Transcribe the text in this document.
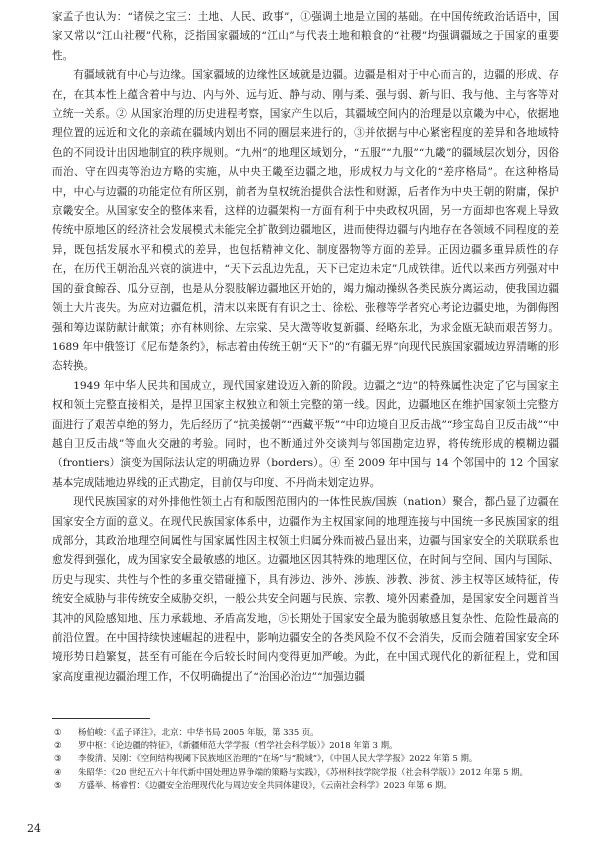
家孟子也认为：“诸侯之宝三：土地、人民、政事”，①强调土地是立国的基础。在中国传统政治话语中，国家又常以“江山社稷”代称，泛指国家疆域的“江山”与代表土地和粮食的“社稷”均强调疆域之于国家的重要性。

有疆域就有中心与边缘。国家疆域的边缘性区域就是边疆。边疆是相对于中心而言的，边疆的形成、存在，在其本性上蕴含着中与边、内与外、远与近、静与动、刚与柔、强与弱、新与旧、我与他、主与客等对立统一关系。② 从国家治理的历史进程考察，国家产生以后，其疆域空间内的治理是以京畿为中心，依据地理位置的远近和文化的亲疏在疆域内划出不同的圈层来进行的，③并依据与中心紧密程度的差异和各地域特色的不同设计出因地制宜的秩序规则。“九州”的地理区域划分，“五服”“九服”“九畿”的疆域层次划分，因俗而治、守在四夷等治边方略的实施，从中央王畿至边疆之地，形成权力与文化的“差序格局”。在这种格局中，中心与边疆的功能定位有所区别，前者为皇权统治提供合法性和财源，后者作为中央王朝的附庸，保护京畿安全。从国家安全的整体来看，这样的边疆架构一方面有利于中央政权巩固，另一方面却也客观上导致传统中原地区的经济社会发展模式未能完全扩散到边疆地区，进而使得边疆与内地存在各领域不同程度的差异，既包括发展水平和模式的差异，也包括精神文化、制度器物等方面的差异。正因边疆多重异质性的存在，在历代王朝治乱兴衰的演进中，“天下云乱边先乱，天下已定边未定”几成铁律。近代以来西方列强对中国的蚕食鲸吞、瓜分豆剖，也是从分裂肢解边疆地区开始的，竭力煽动操纵各类民族分离运动，使我国边疆领土大片丧失。为应对边疆危机，清末以来既有有识之士、徐松、张穆等学者究心考论边疆史地，为御侮图强和筹边谋防献计献策；亦有林则徐、左宗棠、吴大澂等收复新疆、经略东北，为求金瓯无缺而艰苦努力。1689 年中俄签订《尼布楚条约》，标志着由传统王朝“天下”的“有疆无界”向现代民族国家疆域边界清晰的形态转换。

1949 年中华人民共和国成立，现代国家建设迈入新的阶段。边疆之“边”的特殊属性决定了它与国家主权和领土完整直接相关，是捍卫国家主权独立和领土完整的第一线。因此，边疆地区在维护国家领土完整方面进行了艰苦卓绝的努力，先后经历了“抗美援朝”“西藏平叛”“中印边境自卫反击战”“珍宝岛自卫反击战”“中越自卫反击战”等血火交融的考验。同时，也不断通过外交谈判与邻国勘定边界，将传统形成的模糊边疆（frontiers）演变为国际法认定的明确边界（borders）。④ 至 2009 年中国与 14 个邻国中的 12 个国家基本完成陆地边界线的正式勘定，目前仅与印度、不丹尚未划定边界。

现代民族国家的对外排他性领土占有和版图范围内的一体性民族/国族（nation）聚合，都凸显了边疆在国家安全方面的意义。在现代民族国家体系中，边疆作为主权国家间的地理连接与中国统一多民族国家的组成部分，其政治地理空间属性与国家属性因主权领土归属分殊而被凸显出来，边疆与国家安全的关联联系也愈发得到强化，成为国家安全最敏感的地区。边疆地区因其特殊的地理区位，在时间与空间、国内与国际、历史与现实、共性与个性的多重交错碰撞下，具有涉边、涉外、涉族、涉教、涉贫、涉主权等区域特征，传统安全威胁与非传统安全威胁交织，一般公共安全问题与民族、宗教、境外因素叠加，是国家安全问题首当其冲的风险感知地、压力承载地、矛盾高发地，⑤长期处于国家安全最为脆弱敏感且复杂性、危险性最高的前沿位置。在中国持续快速崛起的进程中，影响边疆安全的各类风险不仅不会消失，反而会随着国家安全环境形势日趋繁复，甚至有可能在今后较长时间内变得更加严峻。为此，在中国式现代化的新征程上，党和国家高度重视边疆治理工作，不仅明确提出了“治国必治边”“加强边疆

①	杨伯峻：《孟子译注》，北京：中华书局 2005 年版，第 335 页。
②	罗中枢：《论边疆的特征》，《新疆师范大学学报（哲学社会科学版）》2018 年第 3 期。
③	李俊清、吴刚：《空间结构视阈下民族地区治理的“在场”与“脱域”》，《中国人民大学学报》2022 年第 5 期。
④	朱昭华：《20 世纪五六十年代新中国处理边界争端的策略与实践》，《苏州科技学院学报（社会科学版）》2012 年第 5 期。
⑤	方盛举、杨睿哲：《边疆安全治理现代化与周边安全共同体建设》，《云南社会科学》2023 年第 6 期。
24
